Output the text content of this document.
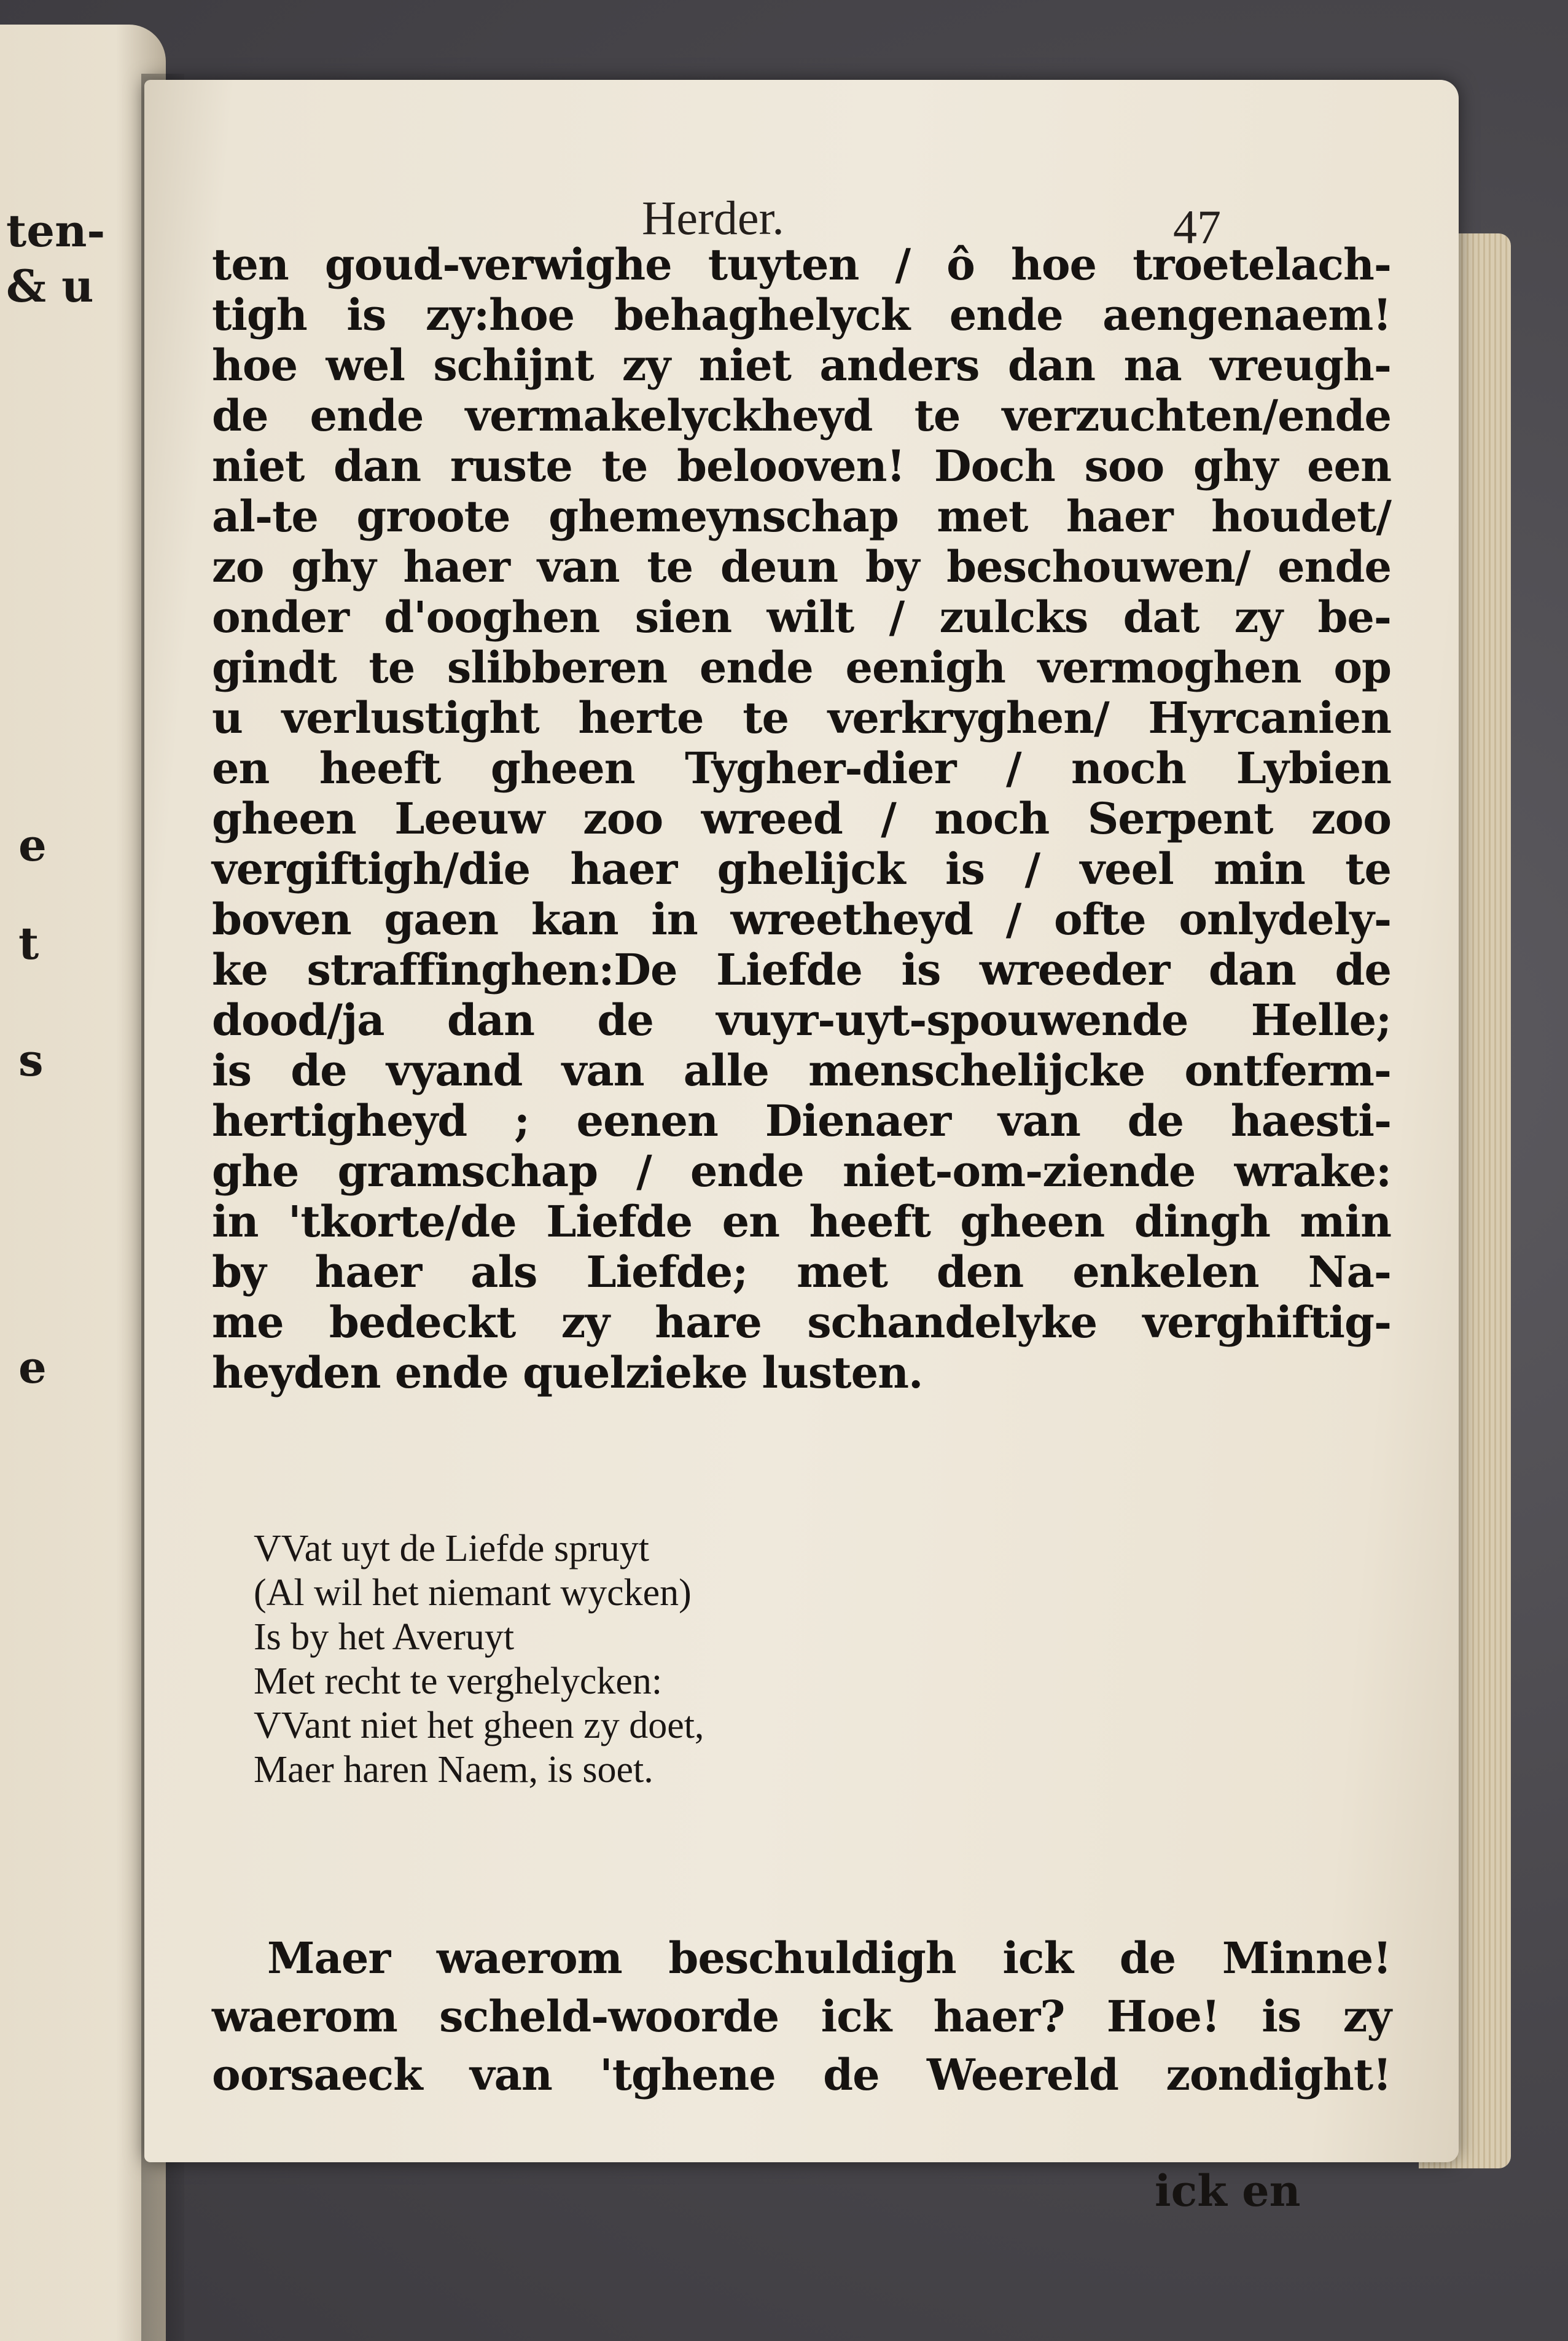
ten-
& u
e
t
s
e
Herder.	47
ten goud-verwighe tuyten / ô hoe troetelach-
tigh is zy:hoe behaghelyck ende aengenaem!
hoe wel schijnt zy niet anders dan na vreugh-
de ende vermakelyckheyd te verzuchten/ende
niet dan ruste te belooven! Doch soo ghy een
al-te groote ghemeynschap met haer houdet/
zo ghy haer van te deun by beschouwen/ ende
onder d'ooghen sien wilt / zulcks dat zy be-
gindt te slibberen ende eenigh vermoghen op
u verlustight herte te verkryghen/ Hyrcanien
en heeft gheen Tygher-dier / noch Lybien
gheen Leeuw zoo wreed / noch Serpent zoo
vergiftigh/die haer ghelijck is / veel min te
boven gaen kan in wreethеyd / ofte onlydely-
ke straffinghen:De Liefde is wreeder dan de
dood/ja dan de vuyr-uyt-spouwende Helle;
is de vyand van alle menschelijcke ontferm-
hertigheyd ; eenen Dienaer van de haesti-
ghe gramschap / ende niet-om-ziende wrake:
in 'tkorte/de Liefde en heeft gheen dingh min
by haer als Liefde; met den enkelen Na-
me bedeckt zy hare schandelyke verghiftig-
heyden ende quelzieke lusten.
VVat uyt de Liefde spruyt
(Al wil het niemant wycken)
Is by het Averuyt
Met recht te verghelycken:
VVant niet het gheen zy doet,
Maer haren Naem, is soet.
Maer waerom beschuldigh ick de Minne!
waerom scheld-woorde ick haer? Hoe! is zy
oorsaeck van 'tghene de Weereld zondight!
ick en
